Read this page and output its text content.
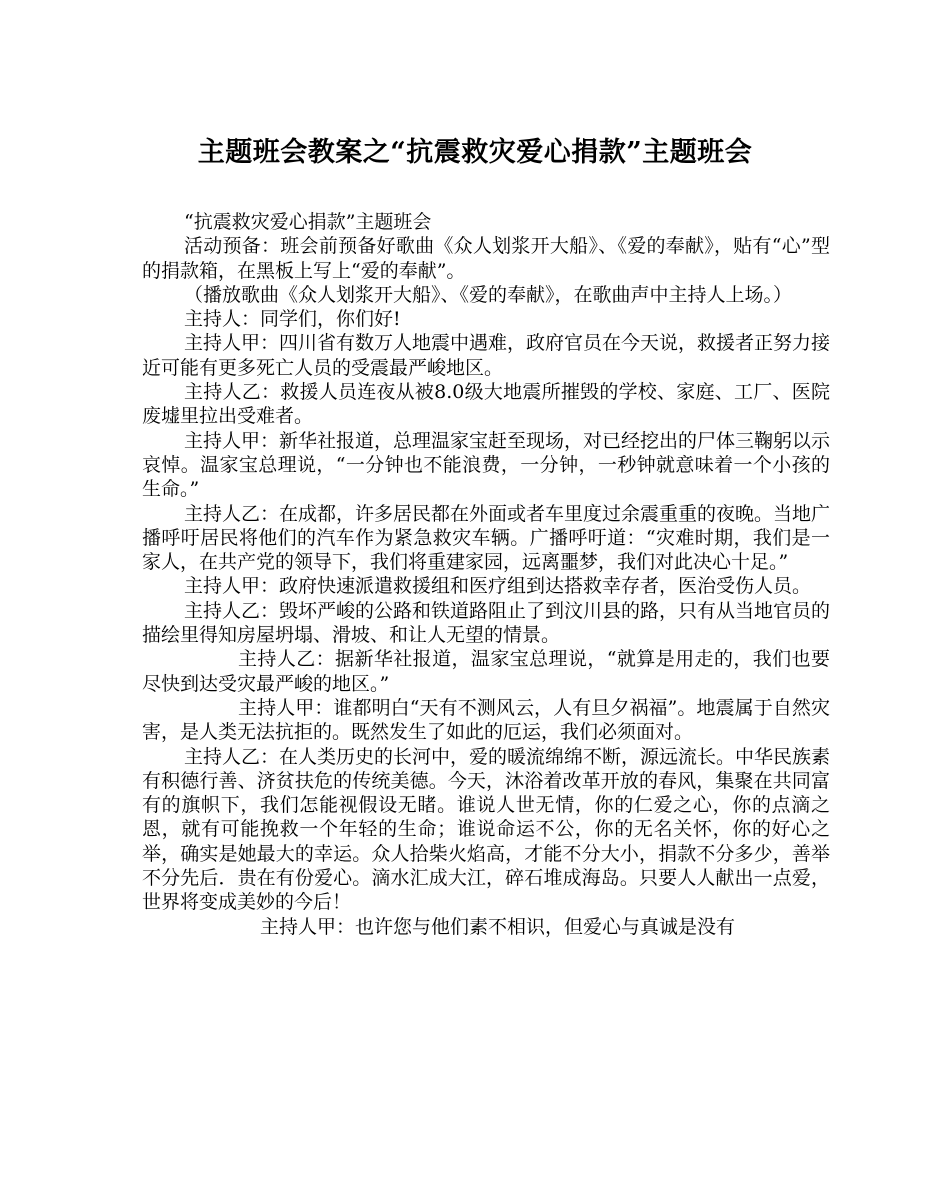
主题班会教案之“抗震救灾爱心捐款”主题班会

“抗震救灾爱心捐款”主题班会

活动预备：班会前预备好歌曲《众人划浆开大船》、《爱的奉献》，贴有“心”型的捐款箱，在黑板上写上“爱的奉献”。

（播放歌曲《众人划浆开大船》、《爱的奉献》，在歌曲声中主持人上场。）

主持人：同学们，你们好!

主持人甲：四川省有数万人地震中遇难，政府官员在今天说，救援者正努力接近可能有更多死亡人员的受震最严峻地区。

主持人乙：救援人员连夜从被8.0级大地震所摧毁的学校、家庭、工厂、医院废墟里拉出受难者。

主持人甲：新华社报道，总理温家宝赶至现场，对已经挖出的尸体三鞠躬以示哀悼。温家宝总理说，“一分钟也不能浪费，一分钟，一秒钟就意味着一个小孩的生命。”

主持人乙：在成都，许多居民都在外面或者车里度过余震重重的夜晚。当地广播呼吁居民将他们的汽车作为紧急救灾车辆。广播呼吁道：“灾难时期，我们是一家人，在共产党的领导下，我们将重建家园，远离噩梦，我们对此决心十足。”

主持人甲：政府快速派遣救援组和医疗组到达搭救幸存者，医治受伤人员。

主持人乙：毁坏严峻的公路和铁道路阻止了到汶川县的路，只有从当地官员的描绘里得知房屋坍塌、滑坡、和让人无望的情景。

主持人乙：据新华社报道，温家宝总理说，“就算是用走的，我们也要尽快到达受灾最严峻的地区。”

主持人甲：谁都明白“天有不测风云，人有旦夕祸福”。地震属于自然灾害，是人类无法抗拒的。既然发生了如此的厄运，我们必须面对。

主持人乙：在人类历史的长河中，爱的暖流绵绵不断，源远流长。中华民族素有积德行善、济贫扶危的传统美德。今天，沐浴着改革开放的春风，集聚在共同富有的旗帜下，我们怎能视假设无睹。谁说人世无情，你的仁爱之心，你的点滴之恩，就有可能挽救一个年轻的生命；谁说命运不公，你的无名关怀，你的好心之举，确实是她最大的幸运。众人拾柴火焰高，才能不分大小，捐款不分多少，善举不分先后．贵在有份爱心。滴水汇成大江，碎石堆成海岛。只要人人献出一点爱，世界将变成美妙的今后！

主持人甲：也许您与他们素不相识，但爱心与真诚是没有
